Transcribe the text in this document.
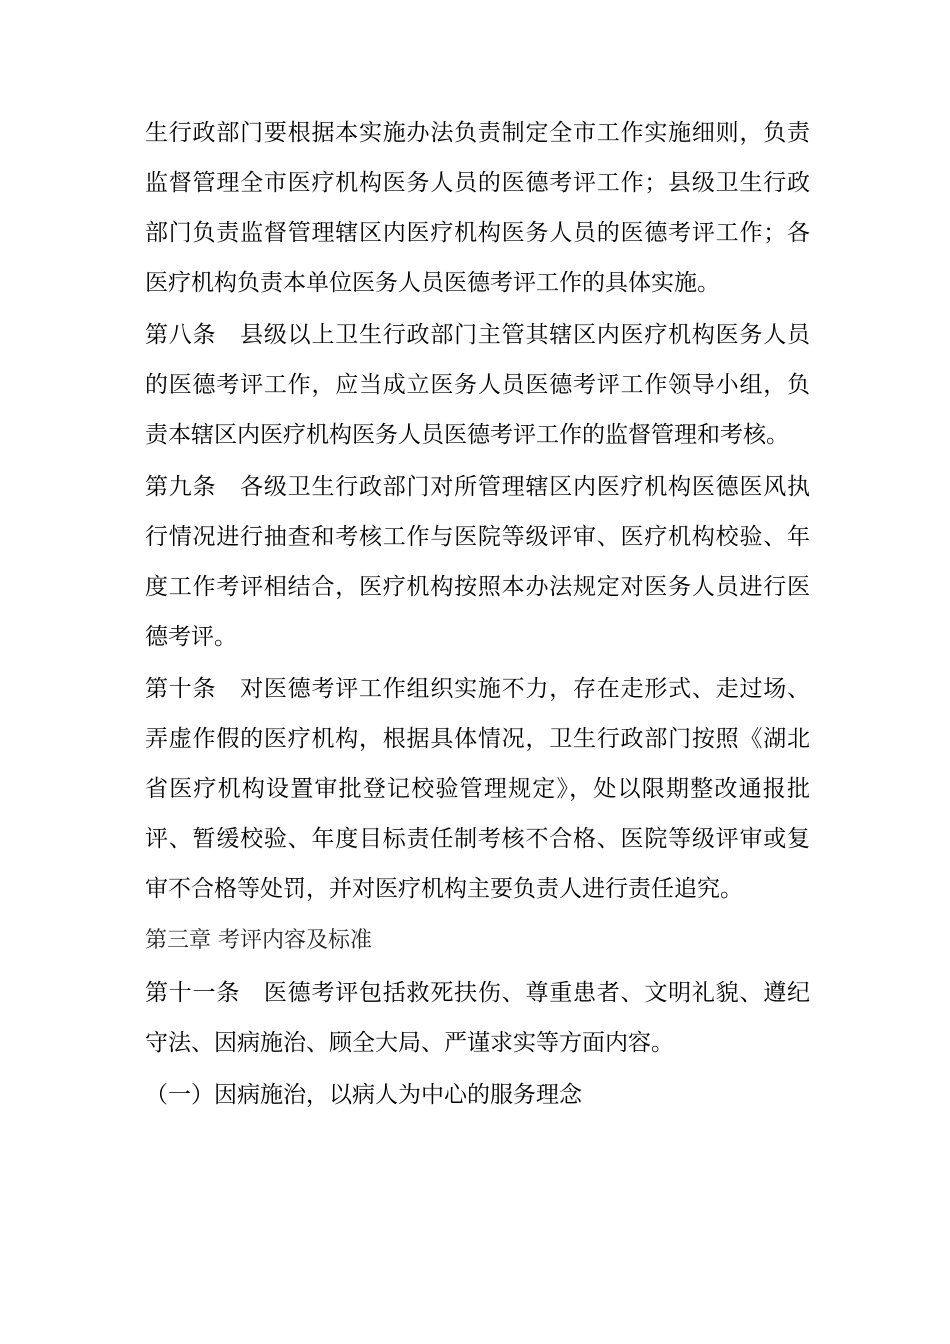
生行政部门要根据本实施办法负责制定全市工作实施细则，负责监督管理全市医疗机构医务人员的医德考评工作；县级卫生行政部门负责监督管理辖区内医疗机构医务人员的医德考评工作；各医疗机构负责本单位医务人员医德考评工作的具体实施。

第八条　县级以上卫生行政部门主管其辖区内医疗机构医务人员的医德考评工作，应当成立医务人员医德考评工作领导小组，负责本辖区内医疗机构医务人员医德考评工作的监督管理和考核。

第九条　各级卫生行政部门对所管理辖区内医疗机构医德医风执行情况进行抽查和考核工作与医院等级评审、医疗机构校验、年度工作考评相结合，医疗机构按照本办法规定对医务人员进行医德考评。

第十条　对医德考评工作组织实施不力，存在走形式、走过场、弄虚作假的医疗机构，根据具体情况，卫生行政部门按照《湖北省医疗机构设置审批登记校验管理规定》，处以限期整改通报批评、暂缓校验、年度目标责任制考核不合格、医院等级评审或复审不合格等处罚，并对医疗机构主要负责人进行责任追究。

第三章 考评内容及标准

第十一条　医德考评包括救死扶伤、尊重患者、文明礼貌、遵纪守法、因病施治、顾全大局、严谨求实等方面内容。

（一）因病施治，以病人为中心的服务理念
